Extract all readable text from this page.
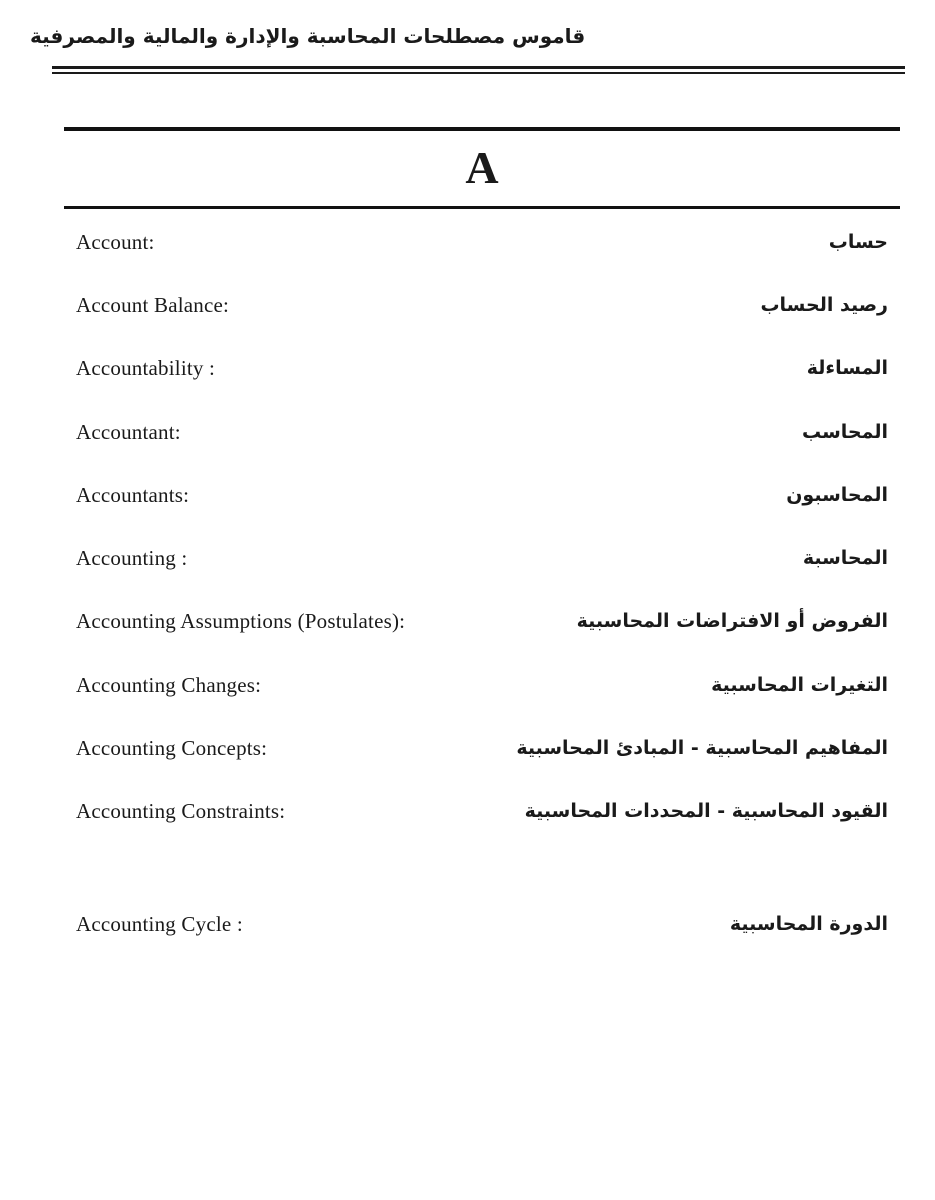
قاموس مصطلحات المحاسبة والإدارة والمالية والمصرفية
A
Account:	حساب
Account Balance:	رصيد الحساب
Accountability :	المساءلة
Accountant:	المحاسب
Accountants:	المحاسبون
Accounting :	المحاسبة
Accounting Assumptions (Postulates):	الفروض أو الافتراضات المحاسبية
Accounting Changes:	التغيرات المحاسبية
Accounting Concepts:	المفاهيم المحاسبية - المبادئ المحاسبية
Accounting Constraints:	القيود المحاسبية - المحددات المحاسبية
Accounting Cycle :	الدورة المحاسبية
